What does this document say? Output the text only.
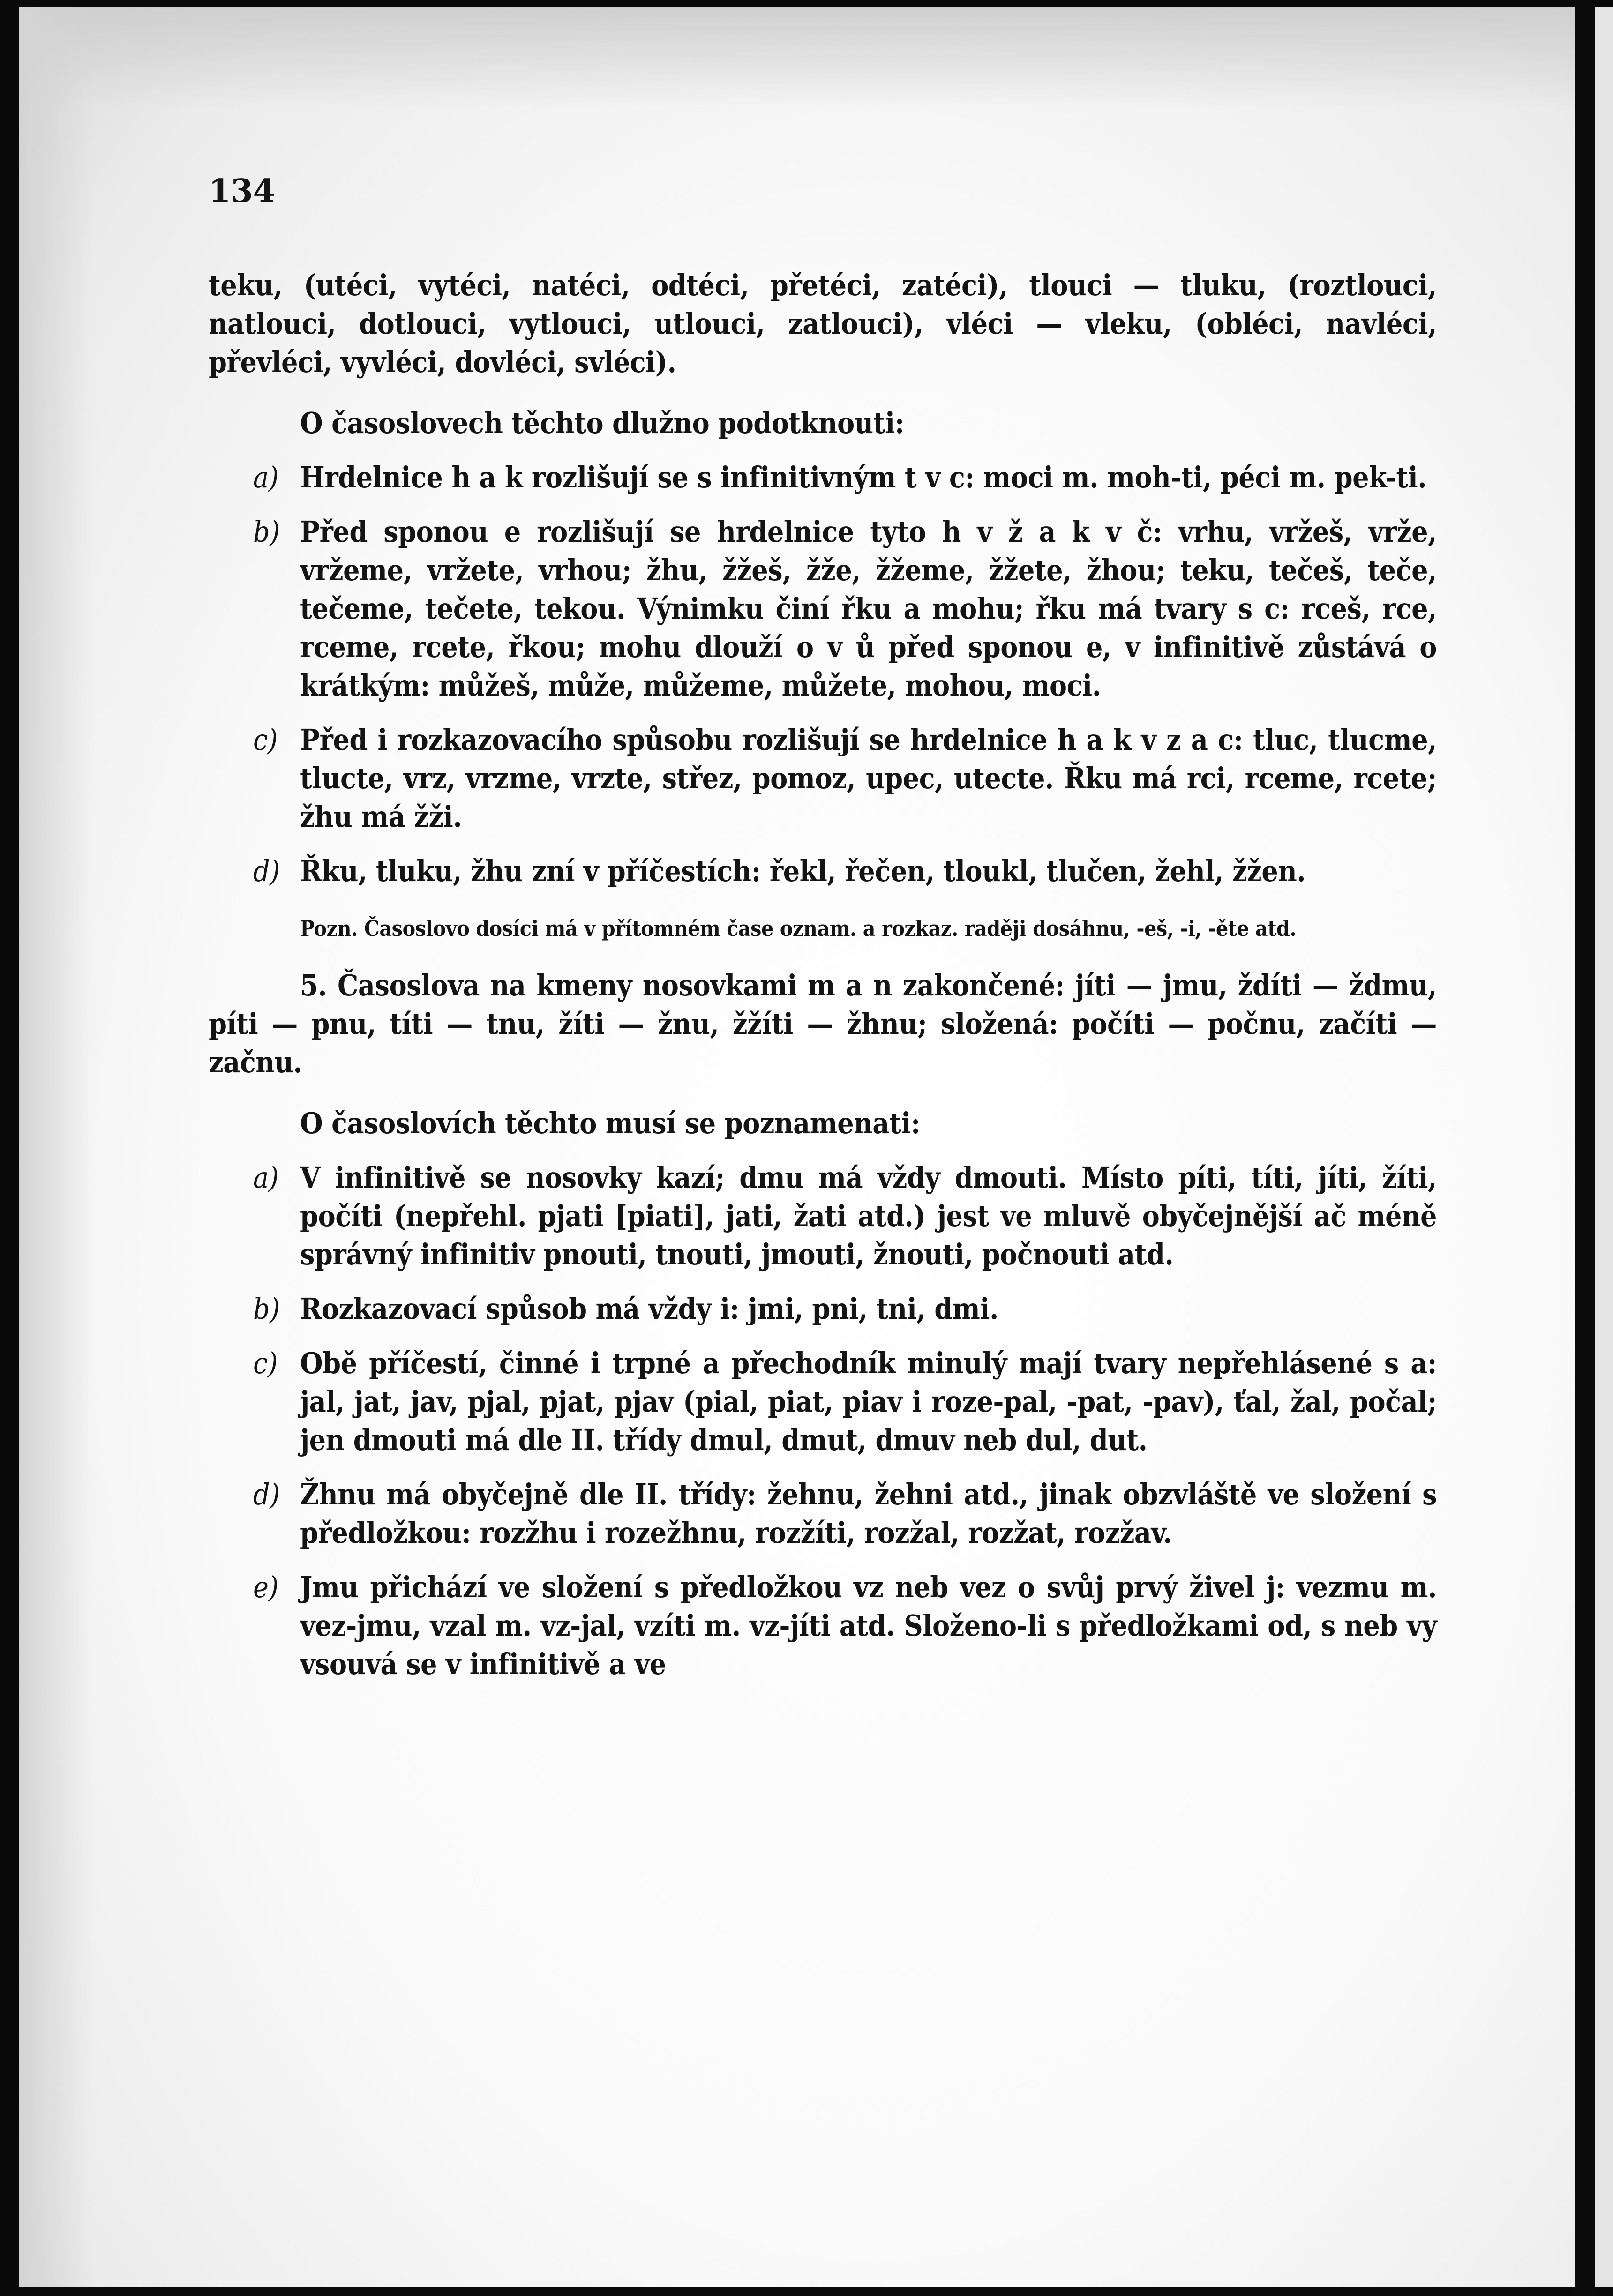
134

teku, (utéci, vytéci, natéci, odtéci, přetéci, zatéci), tlouci — tluku, (roztlouci, natlouci, dotlouci, vytlouci, utlouci, zatlouci), vléci — vleku, (obléci, navléci, převléci, vyvléci, dovléci, svléci).

O časoslovech těchto dlužno podotknouti:

a) Hrdelnice h a k rozlišují se s infinitivným t v c: moci m. moh-ti, péci m. pek-ti.
b) Před sponou e rozlišují se hrdelnice tyto h v ž a k v č: vrhu, vržeš, vrže, vržeme, vržete, vrhou; žhu, žžeš, žže, žžeme, žžete, žhou; teku, tečeš, teče, tečeme, tečete, tekou. Výnimku činí řku a mohu; řku má tvary s c: rceš, rce, rceme, rcete, řkou; mohu dlouží o v ů před sponou e, v infinitivě zůstává o krátkým: můžeš, může, můžeme, můžete, mohou, moci.
c) Před i rozkazovacího spůsobu rozlišují se hrdelnice h a k v z a c: tluc, tlucme, tlucte, vrz, vrzme, vrzte, střez, pomoz, upec, utecte. Řku má rci, rceme, rcete; žhu má žži.
d) Řku, tluku, žhu zní v příčestích: řekl, řečen, tloukl, tlučen, žehl, žžen.

Pozn. Časoslovo dosíci má v přítomném čase oznam. a rozkaz. raději dosáhnu, -eš, -i, -ěte atd.

5. Časoslova na kmeny nosovkami m a n zakončené: jíti — jmu, ždíti — ždmu, píti — pnu, títi — tnu, žíti — žnu, žžíti — žhnu; složená: počíti — počnu, začíti — začnu.

O časoslovích těchto musí se poznamenati:

a) V infinitivě se nosovky kazí; dmu má vždy dmouti. Místo píti, títi, jíti, žíti, počíti (nepřehl. pjati [piati], jati, žati atd.) jest ve mluvě obyčejnější ač méně správný infinitiv pnouti, tnouti, jmouti, žnouti, počnouti atd.
b) Rozkazovací spůsob má vždy i: jmi, pni, tni, dmi.
c) Obě příčestí, činné i trpné a přechodník minulý mají tvary nepřehlásené s a: jal, jat, jav, pjal, pjat, pjav (pial, piat, piav i roze-pal, -pat, -pav), ťal, žal, počal; jen dmouti má dle II. třídy dmul, dmut, dmuv neb dul, dut.
d) Žhnu má obyčejně dle II. třídy: žehnu, žehni atd., jinak obzvláště ve složení s předložkou: rozžhu i rozežhnu, rozžíti, rozžal, rozžat, rozžav.
e) Jmu přichází ve složení s předložkou vz neb vez o svůj prvý živel j: vezmu m. vez-jmu, vzal m. vz-jal, vzíti m. vz-jíti atd. Složeno-li s předložkami od, s neb vy vsouvá se v infinitivě a ve
